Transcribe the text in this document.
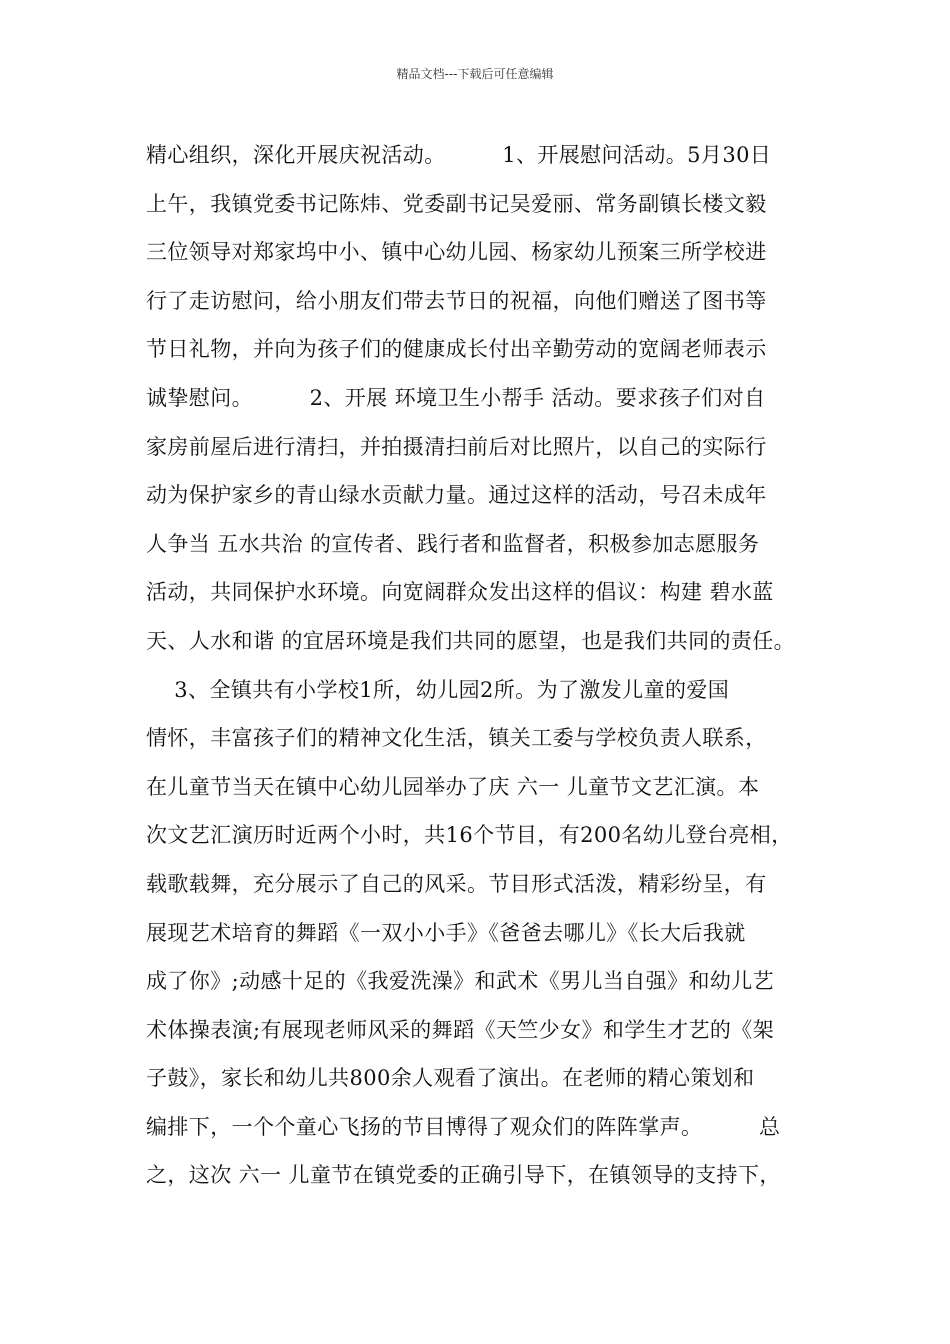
精品文档---下载后可任意编辑
精心组织，深化开展庆祝活动。        1、开展慰问活动。5月30日
上午，我镇党委书记陈炜、党委副书记吴爱丽、常务副镇长楼文毅
三位领导对郑家坞中小、镇中心幼儿园、杨家幼儿预案三所学校进
行了走访慰问，给小朋友们带去节日的祝福，向他们赠送了图书等
节日礼物，并向为孩子们的健康成长付出辛勤劳动的宽阔老师表示
诚挚慰问。        2、开展 环境卫生小帮手 活动。要求孩子们对自
家房前屋后进行清扫，并拍摄清扫前后对比照片，以自己的实际行
动为保护家乡的青山绿水贡献力量。通过这样的活动，号召未成年
人争当 五水共治 的宣传者、践行者和监督者，积极参加志愿服务
活动，共同保护水环境。向宽阔群众发出这样的倡议：构建 碧水蓝
天、人水和谐 的宜居环境是我们共同的愿望，也是我们共同的责任。
3、全镇共有小学校1所，幼儿园2所。为了激发儿童的爱国
情怀，丰富孩子们的精神文化生活，镇关工委与学校负责人联系，
在儿童节当天在镇中心幼儿园举办了庆 六一 儿童节文艺汇演。本
次文艺汇演历时近两个小时，共16个节目，有200名幼儿登台亮相，
载歌载舞，充分展示了自己的风采。节目形式活泼，精彩纷呈，有
展现艺术培育的舞蹈《一双小小手》《爸爸去哪儿》《长大后我就
成了你》;动感十足的《我爱洗澡》和武术《男儿当自强》和幼儿艺
术体操表演;有展现老师风采的舞蹈《天竺少女》和学生才艺的《架
子鼓》，家长和幼儿共800余人观看了演出。在老师的精心策划和
编排下，一个个童心飞扬的节目博得了观众们的阵阵掌声。        总
之，这次 六一 儿童节在镇党委的正确引导下，在镇领导的支持下，
